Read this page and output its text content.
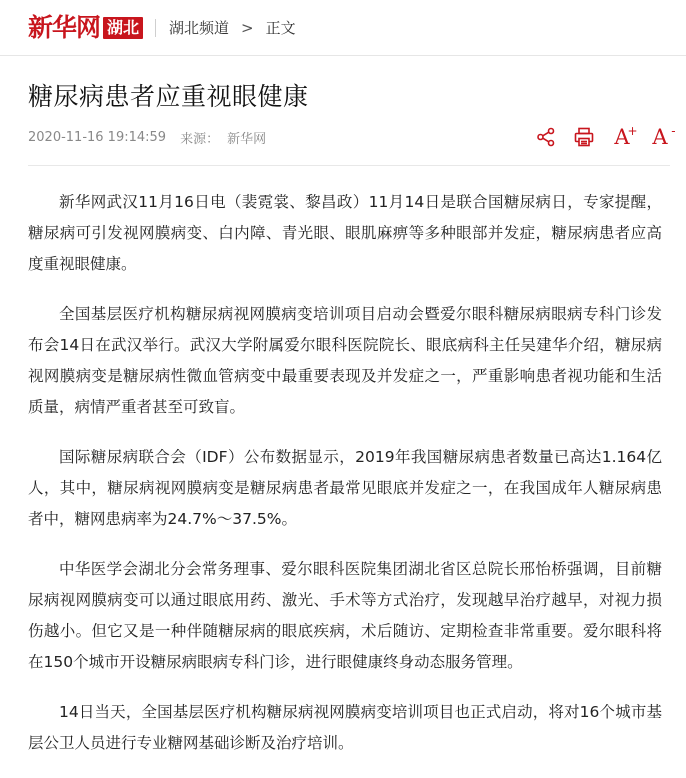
新华网 湖北 湖北频道 > 正文
糖尿病患者应重视眼健康
2020-11-16 19:14:59 来源： 新华网	A
+ A -

新华网武汉11月16日电（裴霓裳、黎昌政）11月14日是联合国糖尿病日，专家提醒，糖尿病可引发视网膜病变、白内障、青光眼、眼肌麻痹等多种眼部并发症，糖尿病患者应高度重视眼健康。

全国基层医疗机构糖尿病视网膜病变培训项目启动会暨爱尔眼科糖尿病眼病专科门诊发布会14日在武汉举行。武汉大学附属爱尔眼科医院院长、眼底病科主任吴建华介绍，糖尿病视网膜病变是糖尿病性微血管病变中最重要表现及并发症之一，严重影响患者视功能和生活质量，病情严重者甚至可致盲。

国际糖尿病联合会（IDF）公布数据显示，2019年我国糖尿病患者数量已高达1.164亿人，其中，糖尿病视网膜病变是糖尿病患者最常见眼底并发症之一，在我国成年人糖尿病患者中，糖网患病率为24.7%～37.5%。

中华医学会湖北分会常务理事、爱尔眼科医院集团湖北省区总院长邢怡桥强调，目前糖尿病视网膜病变可以通过眼底用药、激光、手术等方式治疗，发现越早治疗越早，对视力损伤越小。但它又是一种伴随糖尿病的眼底疾病，术后随访、定期检查非常重要。爱尔眼科将在150个城市开设糖尿病眼病专科门诊，进行眼健康终身动态服务管理。

14日当天，全国基层医疗机构糖尿病视网膜病变培训项目也正式启动，将对16个城市基层公卫人员进行专业糖网基础诊断及治疗培训。
